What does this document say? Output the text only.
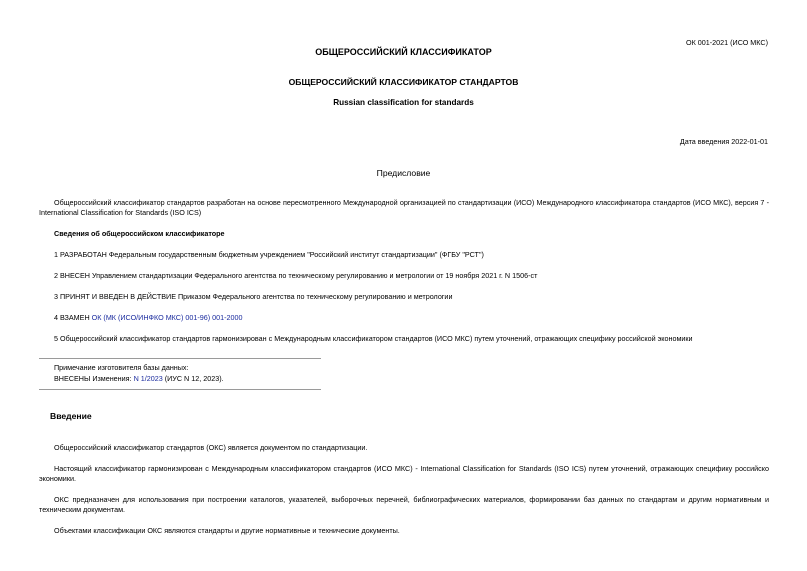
ОК 001-2021 (ИСО МКС)
ОБЩЕРОССИЙСКИЙ КЛАССИФИКАТОР
ОБЩЕРОССИЙСКИЙ КЛАССИФИКАТОР СТАНДАРТОВ
Russian classification for standards
Дата введения 2022-01-01
Предисловие
Общероссийский классификатор стандартов разработан на основе пересмотренного Международной организацией по стандартизации (ИСО) Международного классификатора стандартов (ИСО МКС), версия 7 - International Classification for Standards (ISO ICS)
Сведения об общероссийском классификаторе
1 РАЗРАБОТАН Федеральным государственным бюджетным учреждением "Российский институт стандартизации" (ФГБУ "РСТ")
2 ВНЕСЕН Управлением стандартизации Федерального агентства по техническому регулированию и метрологии от 19 ноября 2021 г. N 1506-ст
3 ПРИНЯТ И ВВЕДЕН В ДЕЙСТВИЕ Приказом Федерального агентства по техническому регулированию и метрологии
4 ВЗАМЕН ОК (МК (ИСО/ИНФКО МКС) 001-96) 001-2000
5 Общероссийский классификатор стандартов гармонизирован с Международным классификатором стандартов (ИСО МКС) путем уточнений, отражающих специфику российской экономики
Примечание изготовителя базы данных:
ВНЕСЕНЫ Изменения: N 1/2023 (ИУС N 12, 2023).
Введение
Общероссийский классификатор стандартов (ОКС) является документом по стандартизации.
Настоящий классификатор гармонизирован с Международным классификатором стандартов (ИСО МКС) - International Classification for Standards (ISO ICS) путем уточнений, отражающих специфику российско экономики.
ОКС предназначен для использования при построении каталогов, указателей, выборочных перечней, библиографических материалов, формировании баз данных по стандартам и другим нормативным и техническим документам.
Объектами классификации ОКС являются стандарты и другие нормативные и технические документы.
